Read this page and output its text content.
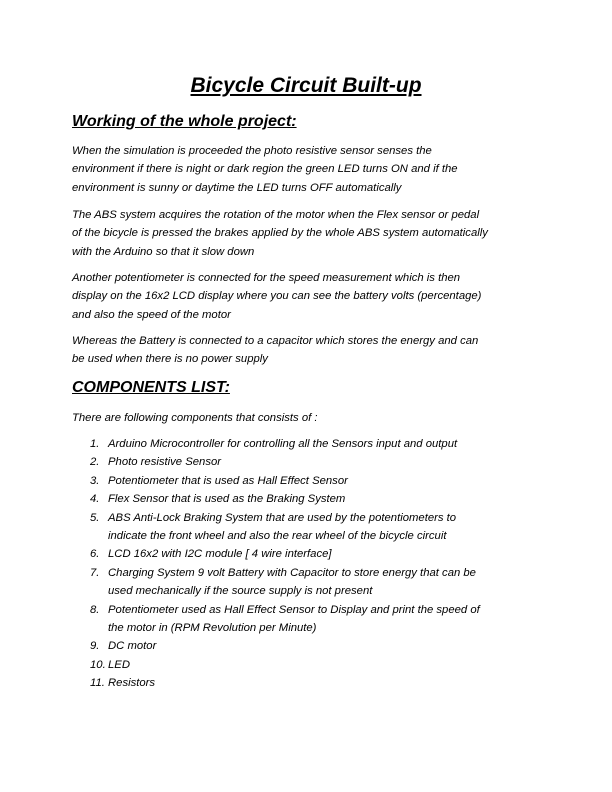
Bicycle Circuit Built-up
Working of the whole project:
When the simulation is proceeded the photo resistive sensor senses the
environment if there is night or dark region the green LED turns ON and if the
environment is sunny or daytime the LED turns OFF automatically
The ABS system acquires the rotation of the motor when the Flex sensor or pedal
of the bicycle is pressed the brakes applied by the whole ABS system automatically
with the Arduino so that it slow down
Another potentiometer is connected for the speed measurement which is then
display on the 16x2 LCD display where you can see the battery volts (percentage)
and also the speed of the motor
Whereas the Battery is connected to a capacitor which stores the energy and can
be used when there is no power supply
COMPONENTS LIST:
There are following components that consists of :
1. Arduino Microcontroller for controlling all the Sensors input and output
2. Photo resistive Sensor
3. Potentiometer that is used as Hall Effect Sensor
4. Flex Sensor that is used as the Braking System
5. ABS Anti-Lock Braking System that are used by the potentiometers to
indicate the front wheel and also the rear wheel of the bicycle circuit
6. LCD 16x2 with I2C module [ 4 wire interface]
7. Charging System 9 volt Battery with Capacitor to store energy that can be
used mechanically if the source supply is not present
8. Potentiometer used as Hall Effect Sensor to Display and print the speed of
the motor in (RPM Revolution per Minute)
9. DC motor
10. LED
11. Resistors
